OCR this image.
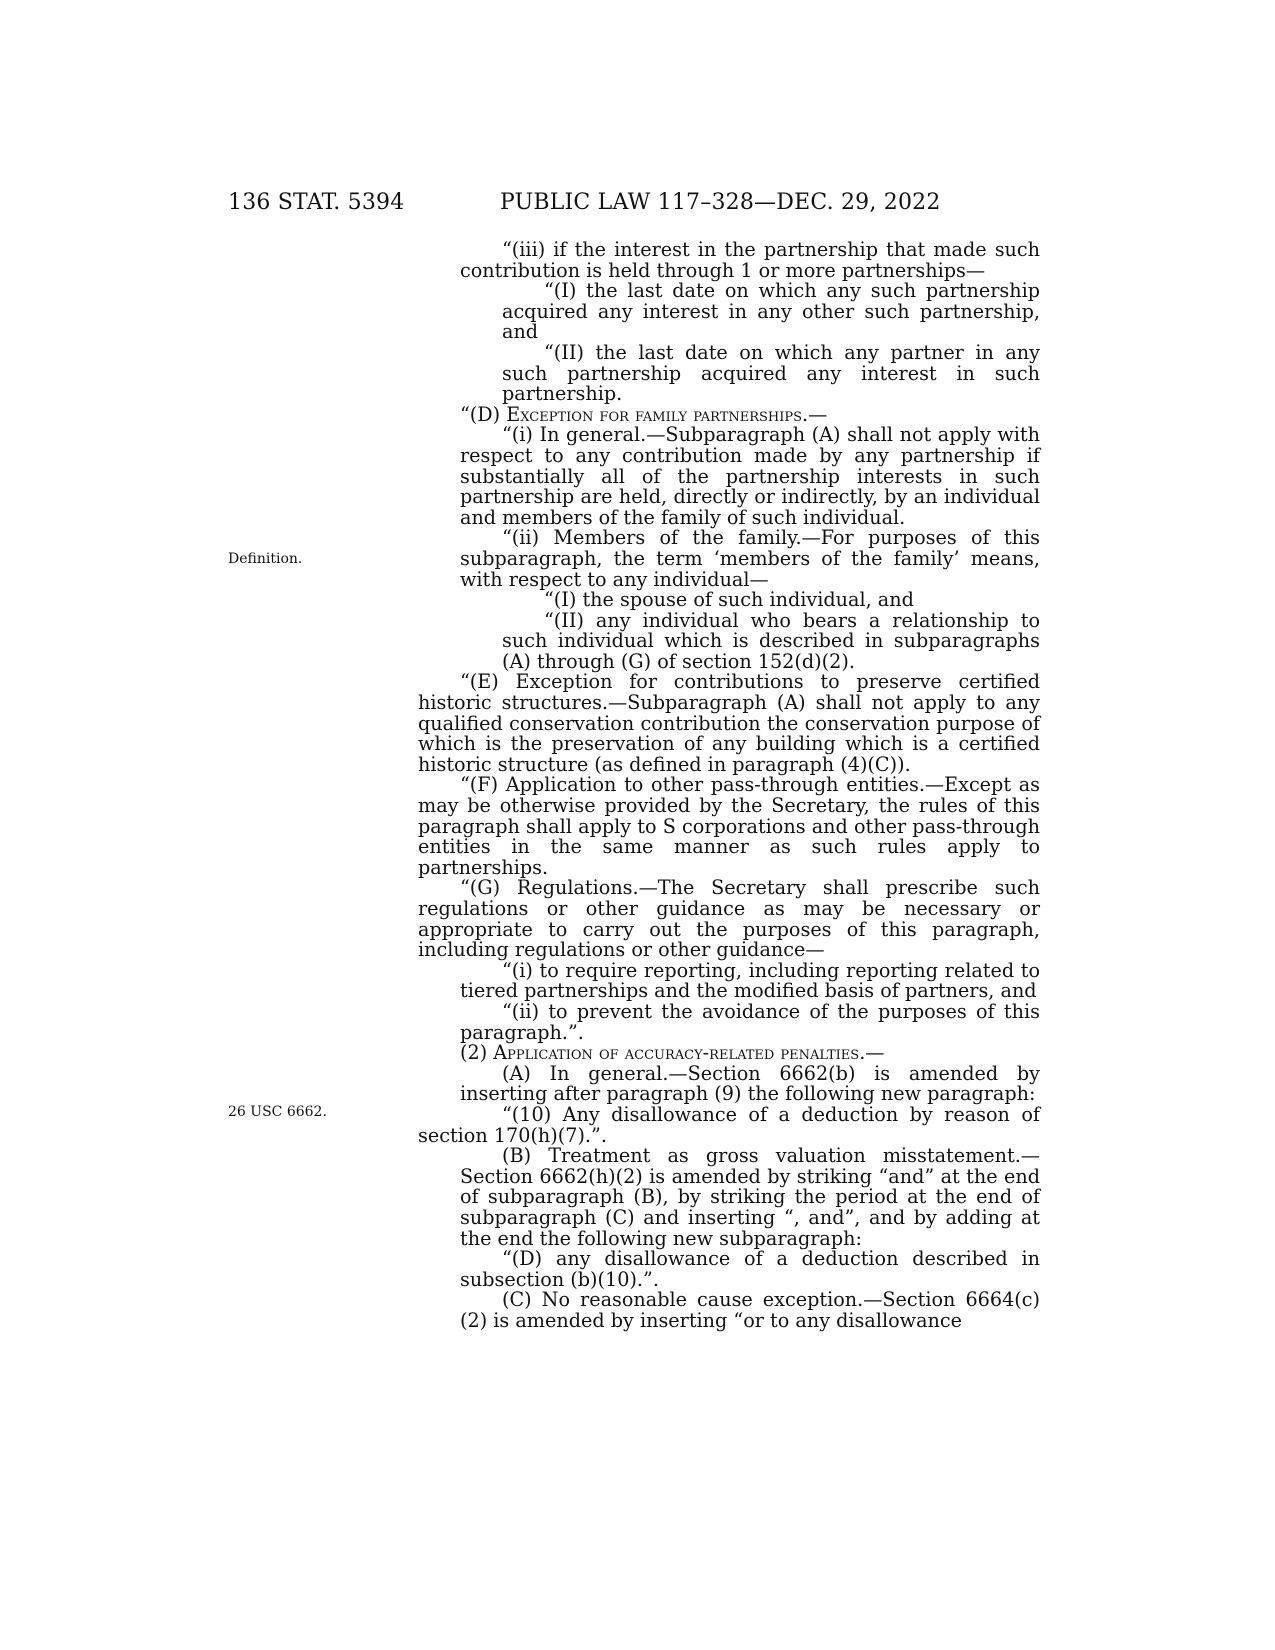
136 STAT. 5394	PUBLIC LAW 117–328—DEC. 29, 2022
Definition.
26 USC 6662.

“(iii) if the interest in the partnership that made such contribution is held through 1 or more partnerships—

“(I) the last date on which any such partnership acquired any interest in any other such partnership, and

“(II) the last date on which any partner in any such partnership acquired any interest in such partnership.

“(D) Exception for family partnerships.—

“(i) In general.—Subparagraph (A) shall not apply with respect to any contribution made by any partnership if substantially all of the partnership interests in such partnership are held, directly or indirectly, by an individual and members of the family of such individual.

“(ii) Members of the family.—For purposes of this subparagraph, the term ‘members of the family’ means, with respect to any individual—

“(I) the spouse of such individual, and

“(II) any individual who bears a relationship to such individual which is described in subparagraphs (A) through (G) of section 152(d)(2).

“(E) Exception for contributions to preserve certified historic structures.—Subparagraph (A) shall not apply to any qualified conservation contribution the conservation purpose of which is the preservation of any building which is a certified historic structure (as defined in paragraph (4)(C)).

“(F) Application to other pass-through entities.—Except as may be otherwise provided by the Secretary, the rules of this paragraph shall apply to S corporations and other pass-through entities in the same manner as such rules apply to partnerships.

“(G) Regulations.—The Secretary shall prescribe such regulations or other guidance as may be necessary or appropriate to carry out the purposes of this paragraph, including regulations or other guidance—

“(i) to require reporting, including reporting related to tiered partnerships and the modified basis of partners, and

“(ii) to prevent the avoidance of the purposes of this paragraph.”.

(2) Application of accuracy-related penalties.—

(A) In general.—Section 6662(b) is amended by inserting after paragraph (9) the following new paragraph:

“(10) Any disallowance of a deduction by reason of section 170(h)(7).”.

(B) Treatment as gross valuation misstatement.—Section 6662(h)(2) is amended by striking “and” at the end of subparagraph (B), by striking the period at the end of subparagraph (C) and inserting “, and”, and by adding at the end the following new subparagraph:

“(D) any disallowance of a deduction described in subsection (b)(10).”.

(C) No reasonable cause exception.—Section 6664(c)(2) is amended by inserting “or to any disallowance
